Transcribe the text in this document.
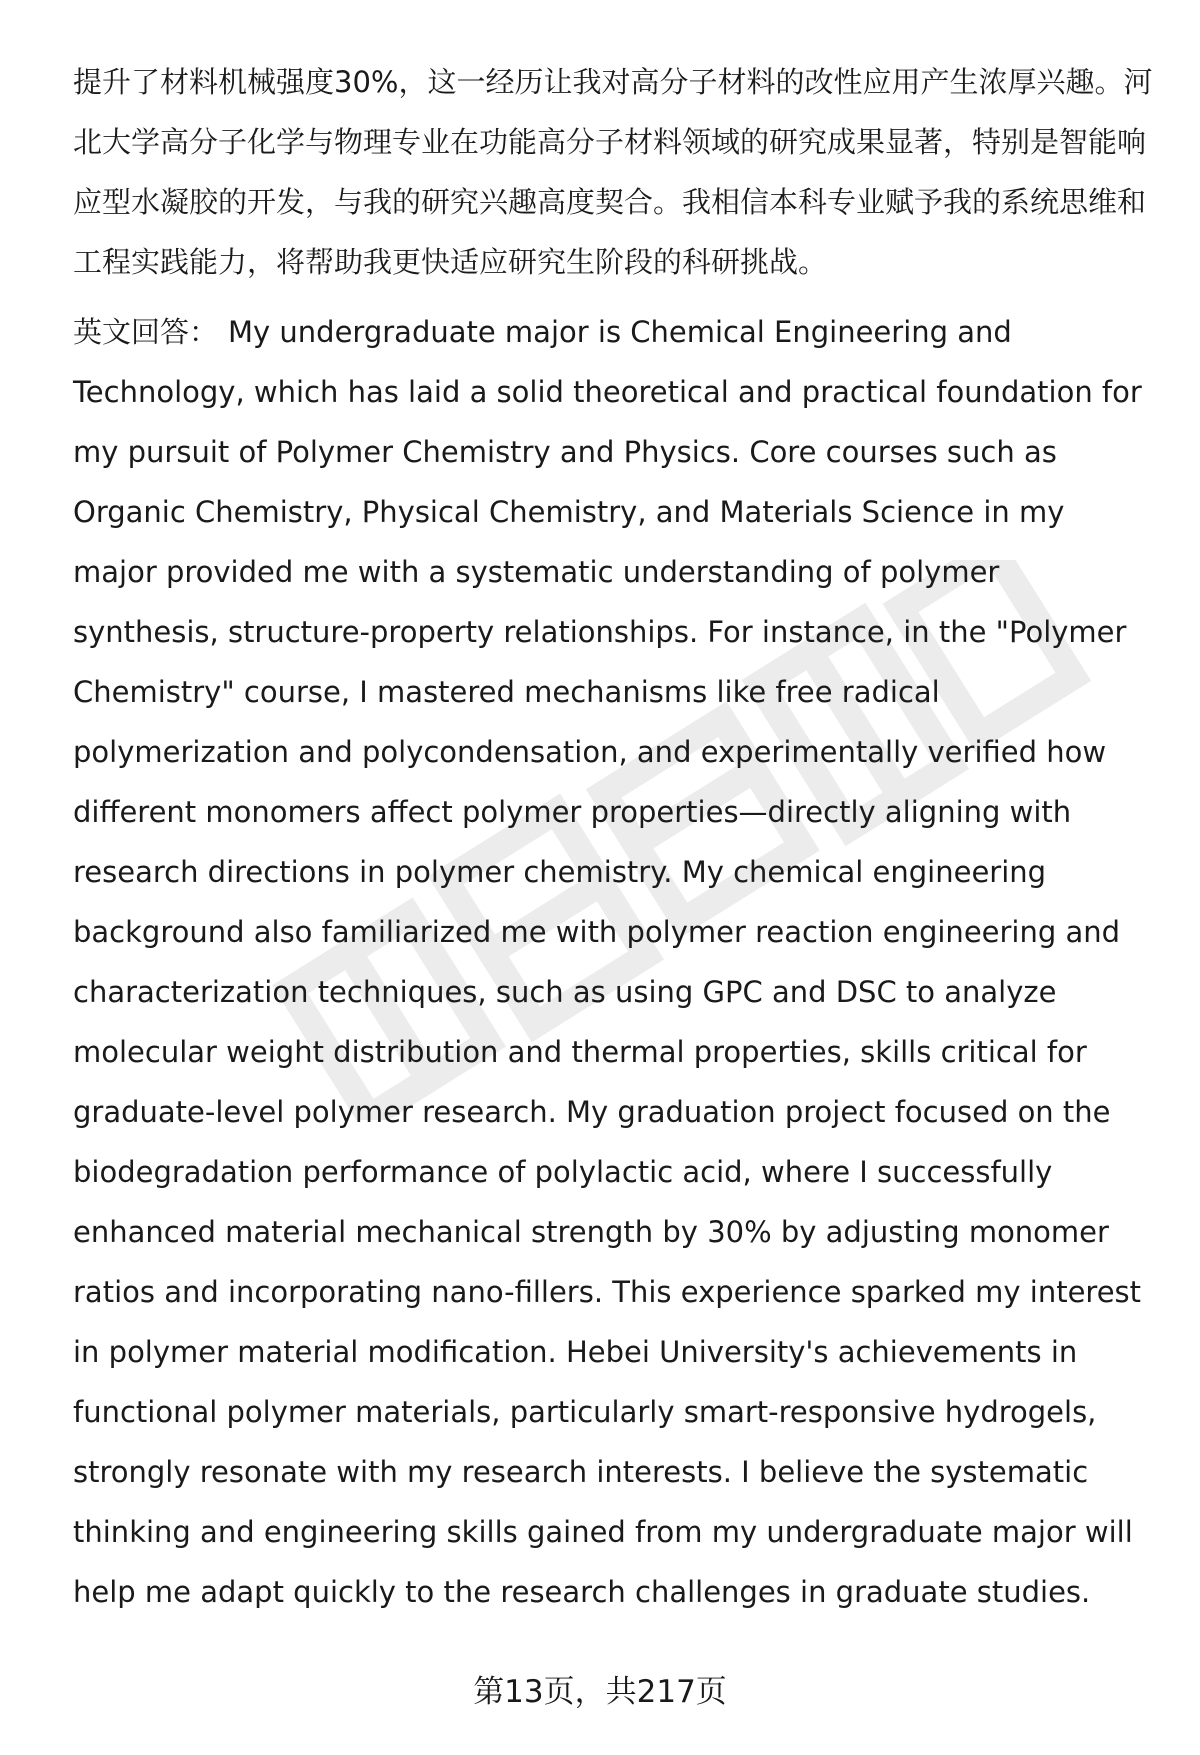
提升了材料机械强度30%，这一经历让我对高分子材料的改性应用产生浓厚兴趣。河北大学高分子化学与物理专业在功能高分子材料领域的研究成果显著，特别是智能响应型水凝胶的开发，与我的研究兴趣高度契合。我相信本科专业赋予我的系统思维和工程实践能力，将帮助我更快适应研究生阶段的科研挑战。

英文回答： My undergraduate major is Chemical Engineering and Technology, which has laid a solid theoretical and practical foundation for my pursuit of Polymer Chemistry and Physics. Core courses such as Organic Chemistry, Physical Chemistry, and Materials Science in my major provided me with a systematic understanding of polymer synthesis, structure-property relationships. For instance, in the "Polymer Chemistry" course, I mastered mechanisms like free radical polymerization and polycondensation, and experimentally verified how different monomers affect polymer properties—directly aligning with research directions in polymer chemistry. My chemical engineering background also familiarized me with polymer reaction engineering and characterization techniques, such as using GPC and DSC to analyze molecular weight distribution and thermal properties, skills critical for graduate-level polymer research. My graduation project focused on the biodegradation performance of polylactic acid, where I successfully enhanced material mechanical strength by 30% by adjusting monomer ratios and incorporating nano-fillers. This experience sparked my interest in polymer material modification. Hebei University's achievements in functional polymer materials, particularly smart-responsive hydrogels, strongly resonate with my research interests. I believe the systematic thinking and engineering skills gained from my undergraduate major will help me adapt quickly to the research challenges in graduate studies.

第13页，共217页
